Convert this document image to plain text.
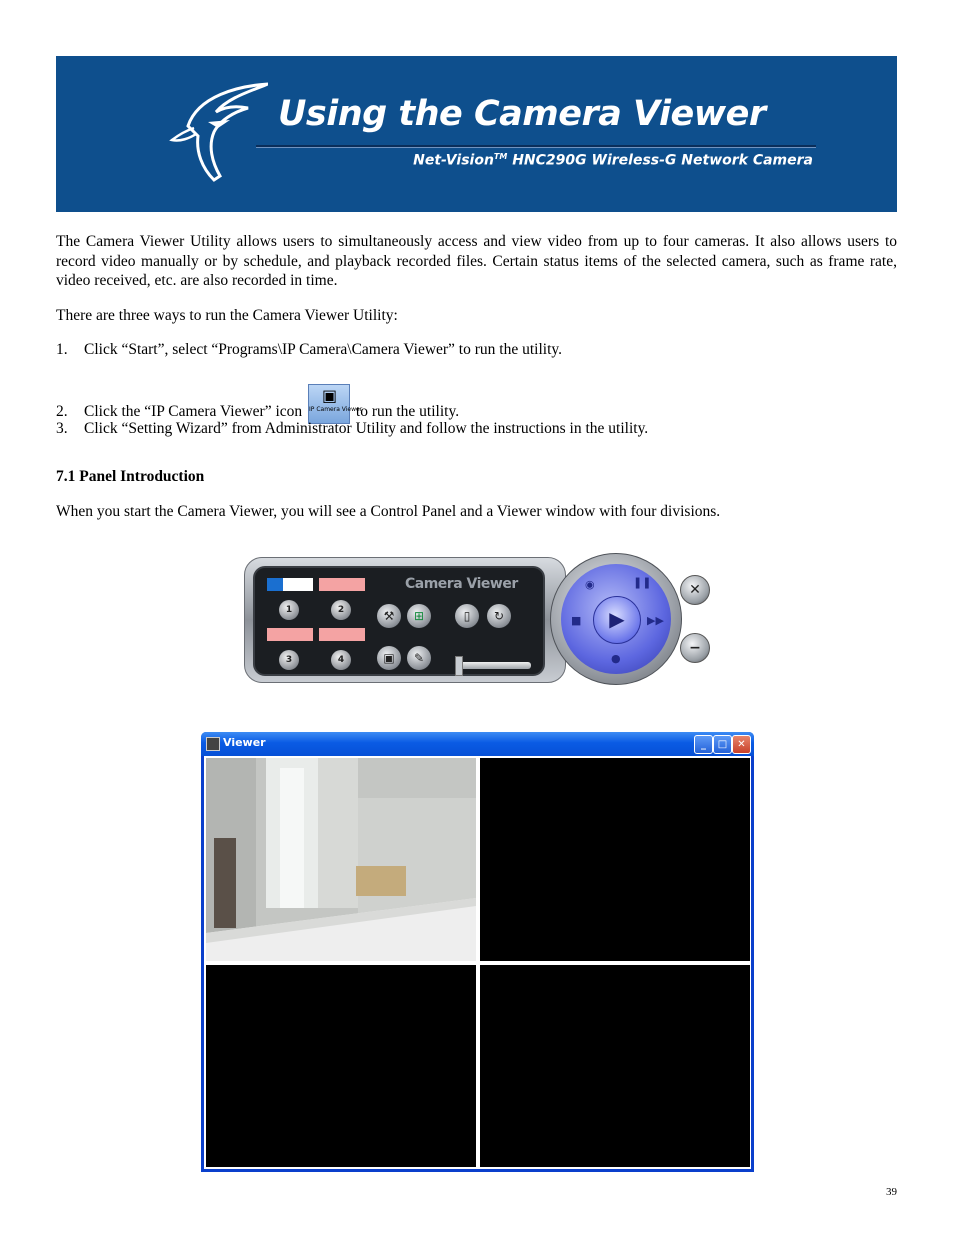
Using the Camera Viewer
Net-Vision™ HNC290G Wireless-G Network Camera
The Camera Viewer Utility allows users to simultaneously access and view video from up to four cameras. It also allows users to record video manually or by schedule, and playback recorded files. Certain status items of the selected camera, such as frame rate, video received, etc. are also recorded in time.
There are three ways to run the Camera Viewer Utility:
1. Click “Start”, select “Programs\IP Camera\Camera Viewer” to run the utility.
2. Click the “IP Camera Viewer” icon
▣
IP Camera Viewer
to run the utility.
3. Click “Setting Wizard” from Administrator Utility and follow the instructions in the utility.
7.1 Panel Introduction
When you start the Camera Viewer, you will see a Control Panel and a Viewer window with four divisions.
Camera Viewer
1	2
3	4
⚒	⊞	▯	↻
▣	✎
◉	❚❚
■	▶▶
●
▶
✕
−
Viewer	_	□	✕
39
